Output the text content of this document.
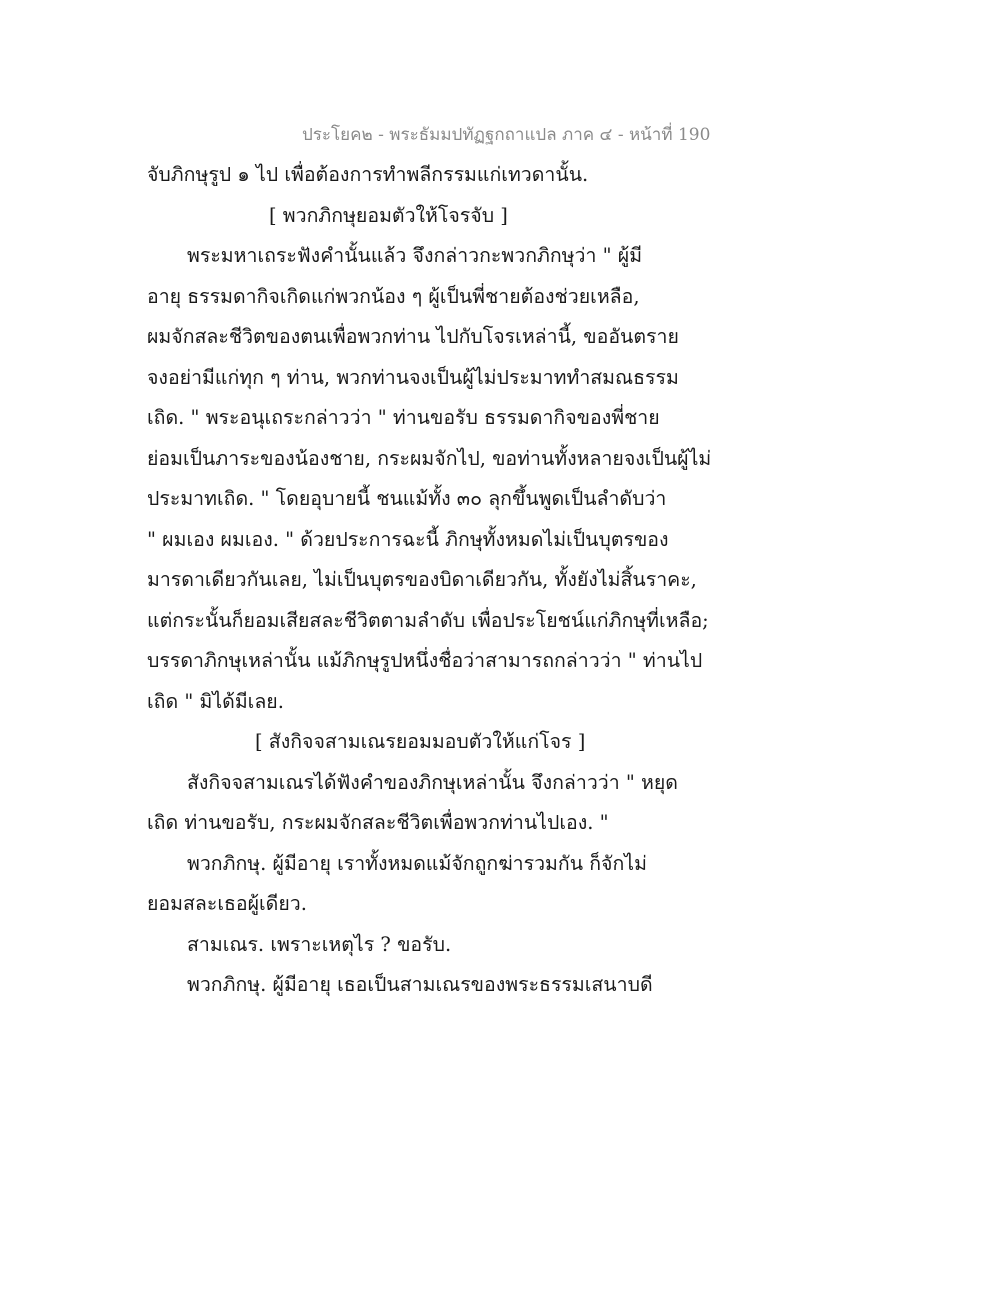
ประโยค๒ - พระธัมมปทัฏฐกถาแปล ภาค ๔ - หน้าที่ 190
จับภิกษุรูป ๑ ไป เพื่อต้องการทำพลีกรรมแก่เทวดานั้น.
[ พวกภิกษุยอมตัวให้โจรจับ ]
พระมหาเถระฟังคำนั้นแล้ว จึงกล่าวกะพวกภิกษุว่า " ผู้มี
อายุ ธรรมดากิจเกิดแก่พวกน้อง ๆ ผู้เป็นพี่ชายต้องช่วยเหลือ,
ผมจักสละชีวิตของตนเพื่อพวกท่าน ไปกับโจรเหล่านี้, ขออันตราย
จงอย่ามีแก่ทุก ๆ ท่าน, พวกท่านจงเป็นผู้ไม่ประมาททำสมณธรรม
เถิด. " พระอนุเถระกล่าวว่า " ท่านขอรับ ธรรมดากิจของพี่ชาย
ย่อมเป็นภาระของน้องชาย, กระผมจักไป, ขอท่านทั้งหลายจงเป็นผู้ไม่
ประมาทเถิด. " โดยอุบายนี้ ชนแม้ทั้ง ๓๐ ลุกขึ้นพูดเป็นลำดับว่า
" ผมเอง ผมเอง. " ด้วยประการฉะนี้ ภิกษุทั้งหมดไม่เป็นบุตรของ
มารดาเดียวกันเลย, ไม่เป็นบุตรของบิดาเดียวกัน, ทั้งยังไม่สิ้นราคะ,
แต่กระนั้นก็ยอมเสียสละชีวิตตามลำดับ เพื่อประโยชน์แก่ภิกษุที่เหลือ;
บรรดาภิกษุเหล่านั้น แม้ภิกษุรูปหนึ่งชื่อว่าสามารถกล่าวว่า " ท่านไป
เถิด " มิได้มีเลย.
[ สังกิจจสามเณรยอมมอบตัวให้แก่โจร ]
สังกิจจสามเณรได้ฟังคำของภิกษุเหล่านั้น จึงกล่าวว่า " หยุด
เถิด ท่านขอรับ, กระผมจักสละชีวิตเพื่อพวกท่านไปเอง. "
พวกภิกษุ. ผู้มีอายุ เราทั้งหมดแม้จักถูกฆ่ารวมกัน ก็จักไม่
ยอมสละเธอผู้เดียว.
สามเณร. เพราะเหตุไร ? ขอรับ.
พวกภิกษุ. ผู้มีอายุ เธอเป็นสามเณรของพระธรรมเสนาบดี
